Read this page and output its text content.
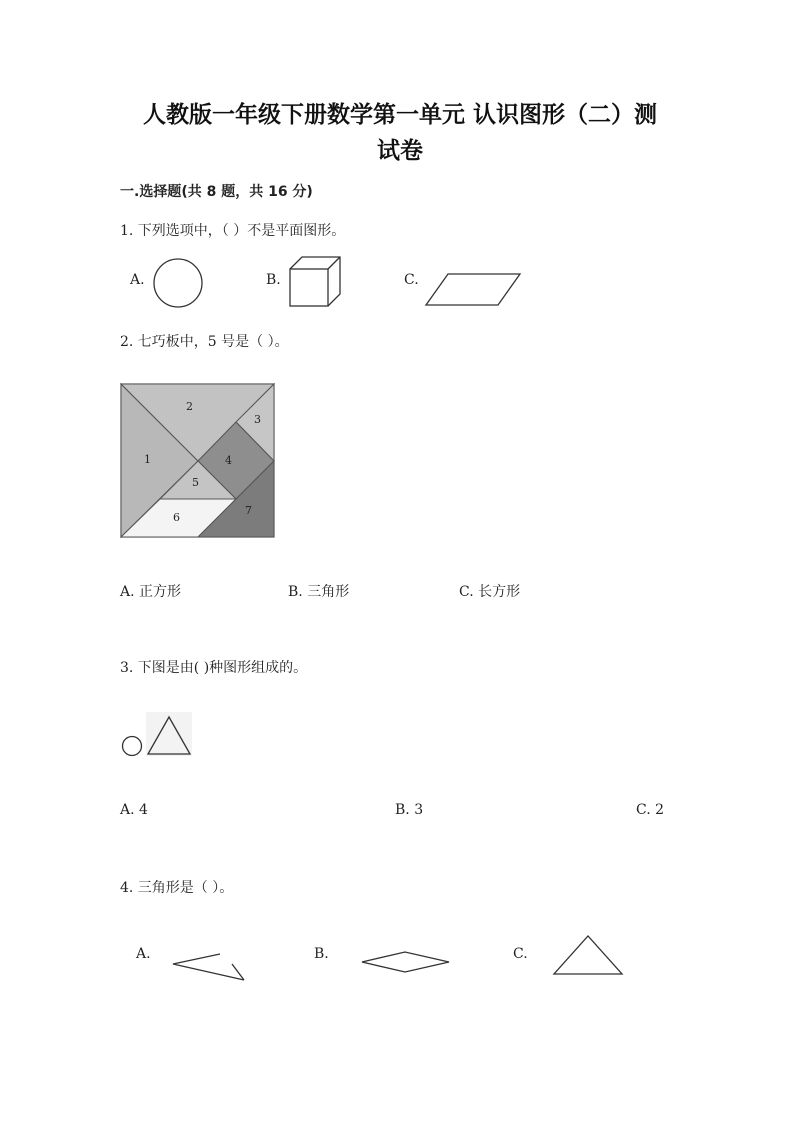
人教版一年级下册数学第一单元 认识图形（二）测
试卷
一.选择题(共 8 题，共 16 分)
1. 下列选项中，（ ）不是平面图形。
A.	B.	C.
2. 七巧板中，5 号是（ ）。
1
2
3
4
5
6
7
A. 正方形	B. 三角形	C. 长方形
3. 下图是由( )种图形组成的。
A. 4	B. 3	C. 2
4. 三角形是（ ）。
A.	B.	C.
